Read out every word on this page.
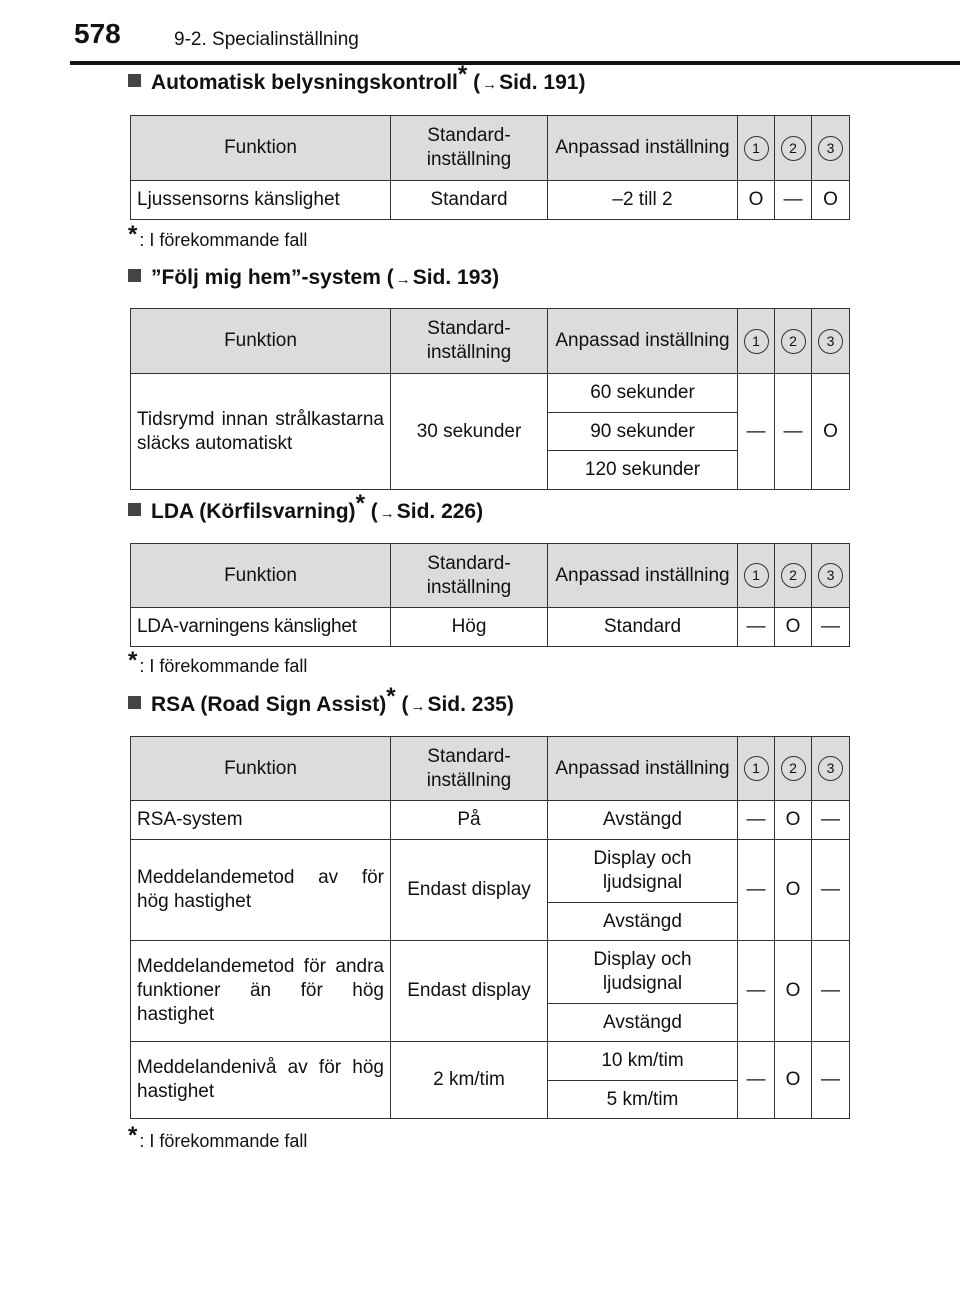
578	9-2. Specialinställning
Automatisk belysningskontroll* ( →Sid. 191)
Funktion	Standard-inställning	Anpassad inställning	1	2	3
Ljussensorns känslighet	Standard	–2 till 2	O	—	O
* : I förekommande fall
”Följ mig hem”-system ( →Sid. 193)
Funktion	Standard-inställning	Anpassad inställning	1	2	3
Tidsrymd innan strålkastarna släcks automatiskt	30 sekunder	60 sekunder	—	—	O
		90 sekunder			
		120 sekunder			
LDA (Körfilsvarning)* ( →Sid. 226)
Funktion	Standard-inställning	Anpassad inställning	1	2	3
LDA-varningens känslighet	Hög	Standard	—	O	—
* : I förekommande fall
RSA (Road Sign Assist)* ( →Sid. 235)
Funktion	Standard-inställning	Anpassad inställning	1	2	3
RSA-system	På	Avstängd	—	O	—
Meddelandemetod av för hög hastighet	Endast display	Display och ljudsignal	—	O	—
		Avstängd			
Meddelandemetod för andra funktioner än för hög hastighet	Endast display	Display och ljudsignal	—	O	—
		Avstängd			
Meddelandenivå av för hög hastighet	2 km/tim	10 km/tim	—	O	—
		5 km/tim			
* : I förekommande fall
